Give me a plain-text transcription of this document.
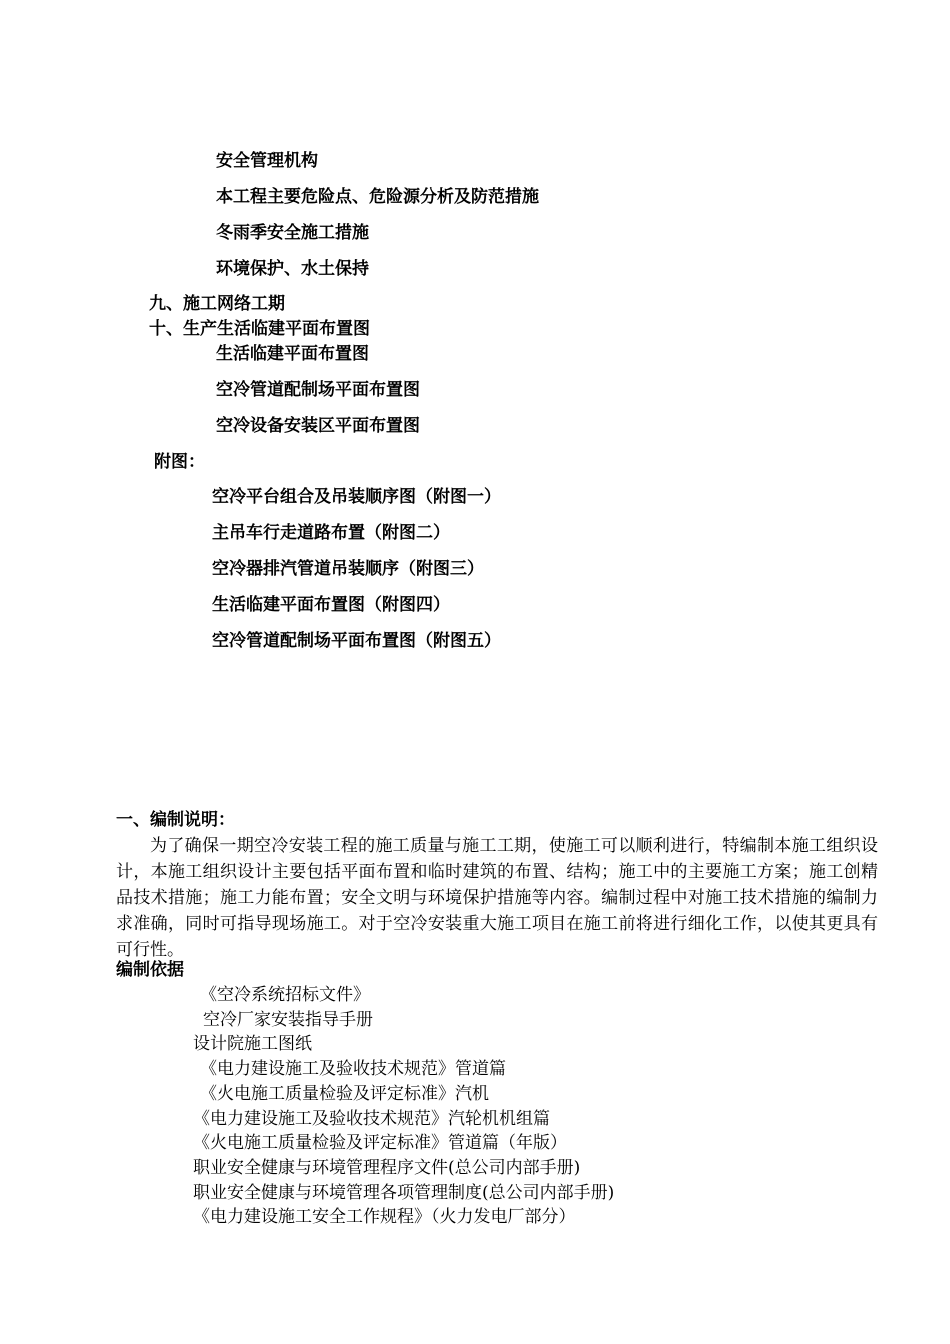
安全管理机构
本工程主要危险点、危险源分析及防范措施
冬雨季安全施工措施
环境保护、水土保持
九、施工网络工期
十、生产生活临建平面布置图
生活临建平面布置图
空冷管道配制场平面布置图
空冷设备安装区平面布置图
附图：
空冷平台组合及吊装顺序图（附图一）
主吊车行走道路布置（附图二）
空冷器排汽管道吊装顺序（附图三）
生活临建平面布置图（附图四）
空冷管道配制场平面布置图（附图五）
一、编制说明：

为了确保一期空冷安装工程的施工质量与施工工期，使施工可以顺利进行，特编制本施工组织设计，本施工组织设计主要包括平面布置和临时建筑的布置、结构；施工中的主要施工方案；施工创精品技术措施；施工力能布置；安全文明与环境保护措施等内容。编制过程中对施工技术措施的编制力求准确，同时可指导现场施工。对于空冷安装重大施工项目在施工前将进行细化工作，以使其更具有可行性。

编制依据
《空冷系统招标文件》
空冷厂家安装指导手册
设计院施工图纸
《电力建设施工及验收技术规范》管道篇
《火电施工质量检验及评定标准》汽机
《电力建设施工及验收技术规范》汽轮机机组篇
《火电施工质量检验及评定标准》管道篇（年版）
职业安全健康与环境管理程序文件(总公司内部手册)
职业安全健康与环境管理各项管理制度(总公司内部手册)
《电力建设施工安全工作规程》（火力发电厂部分）
